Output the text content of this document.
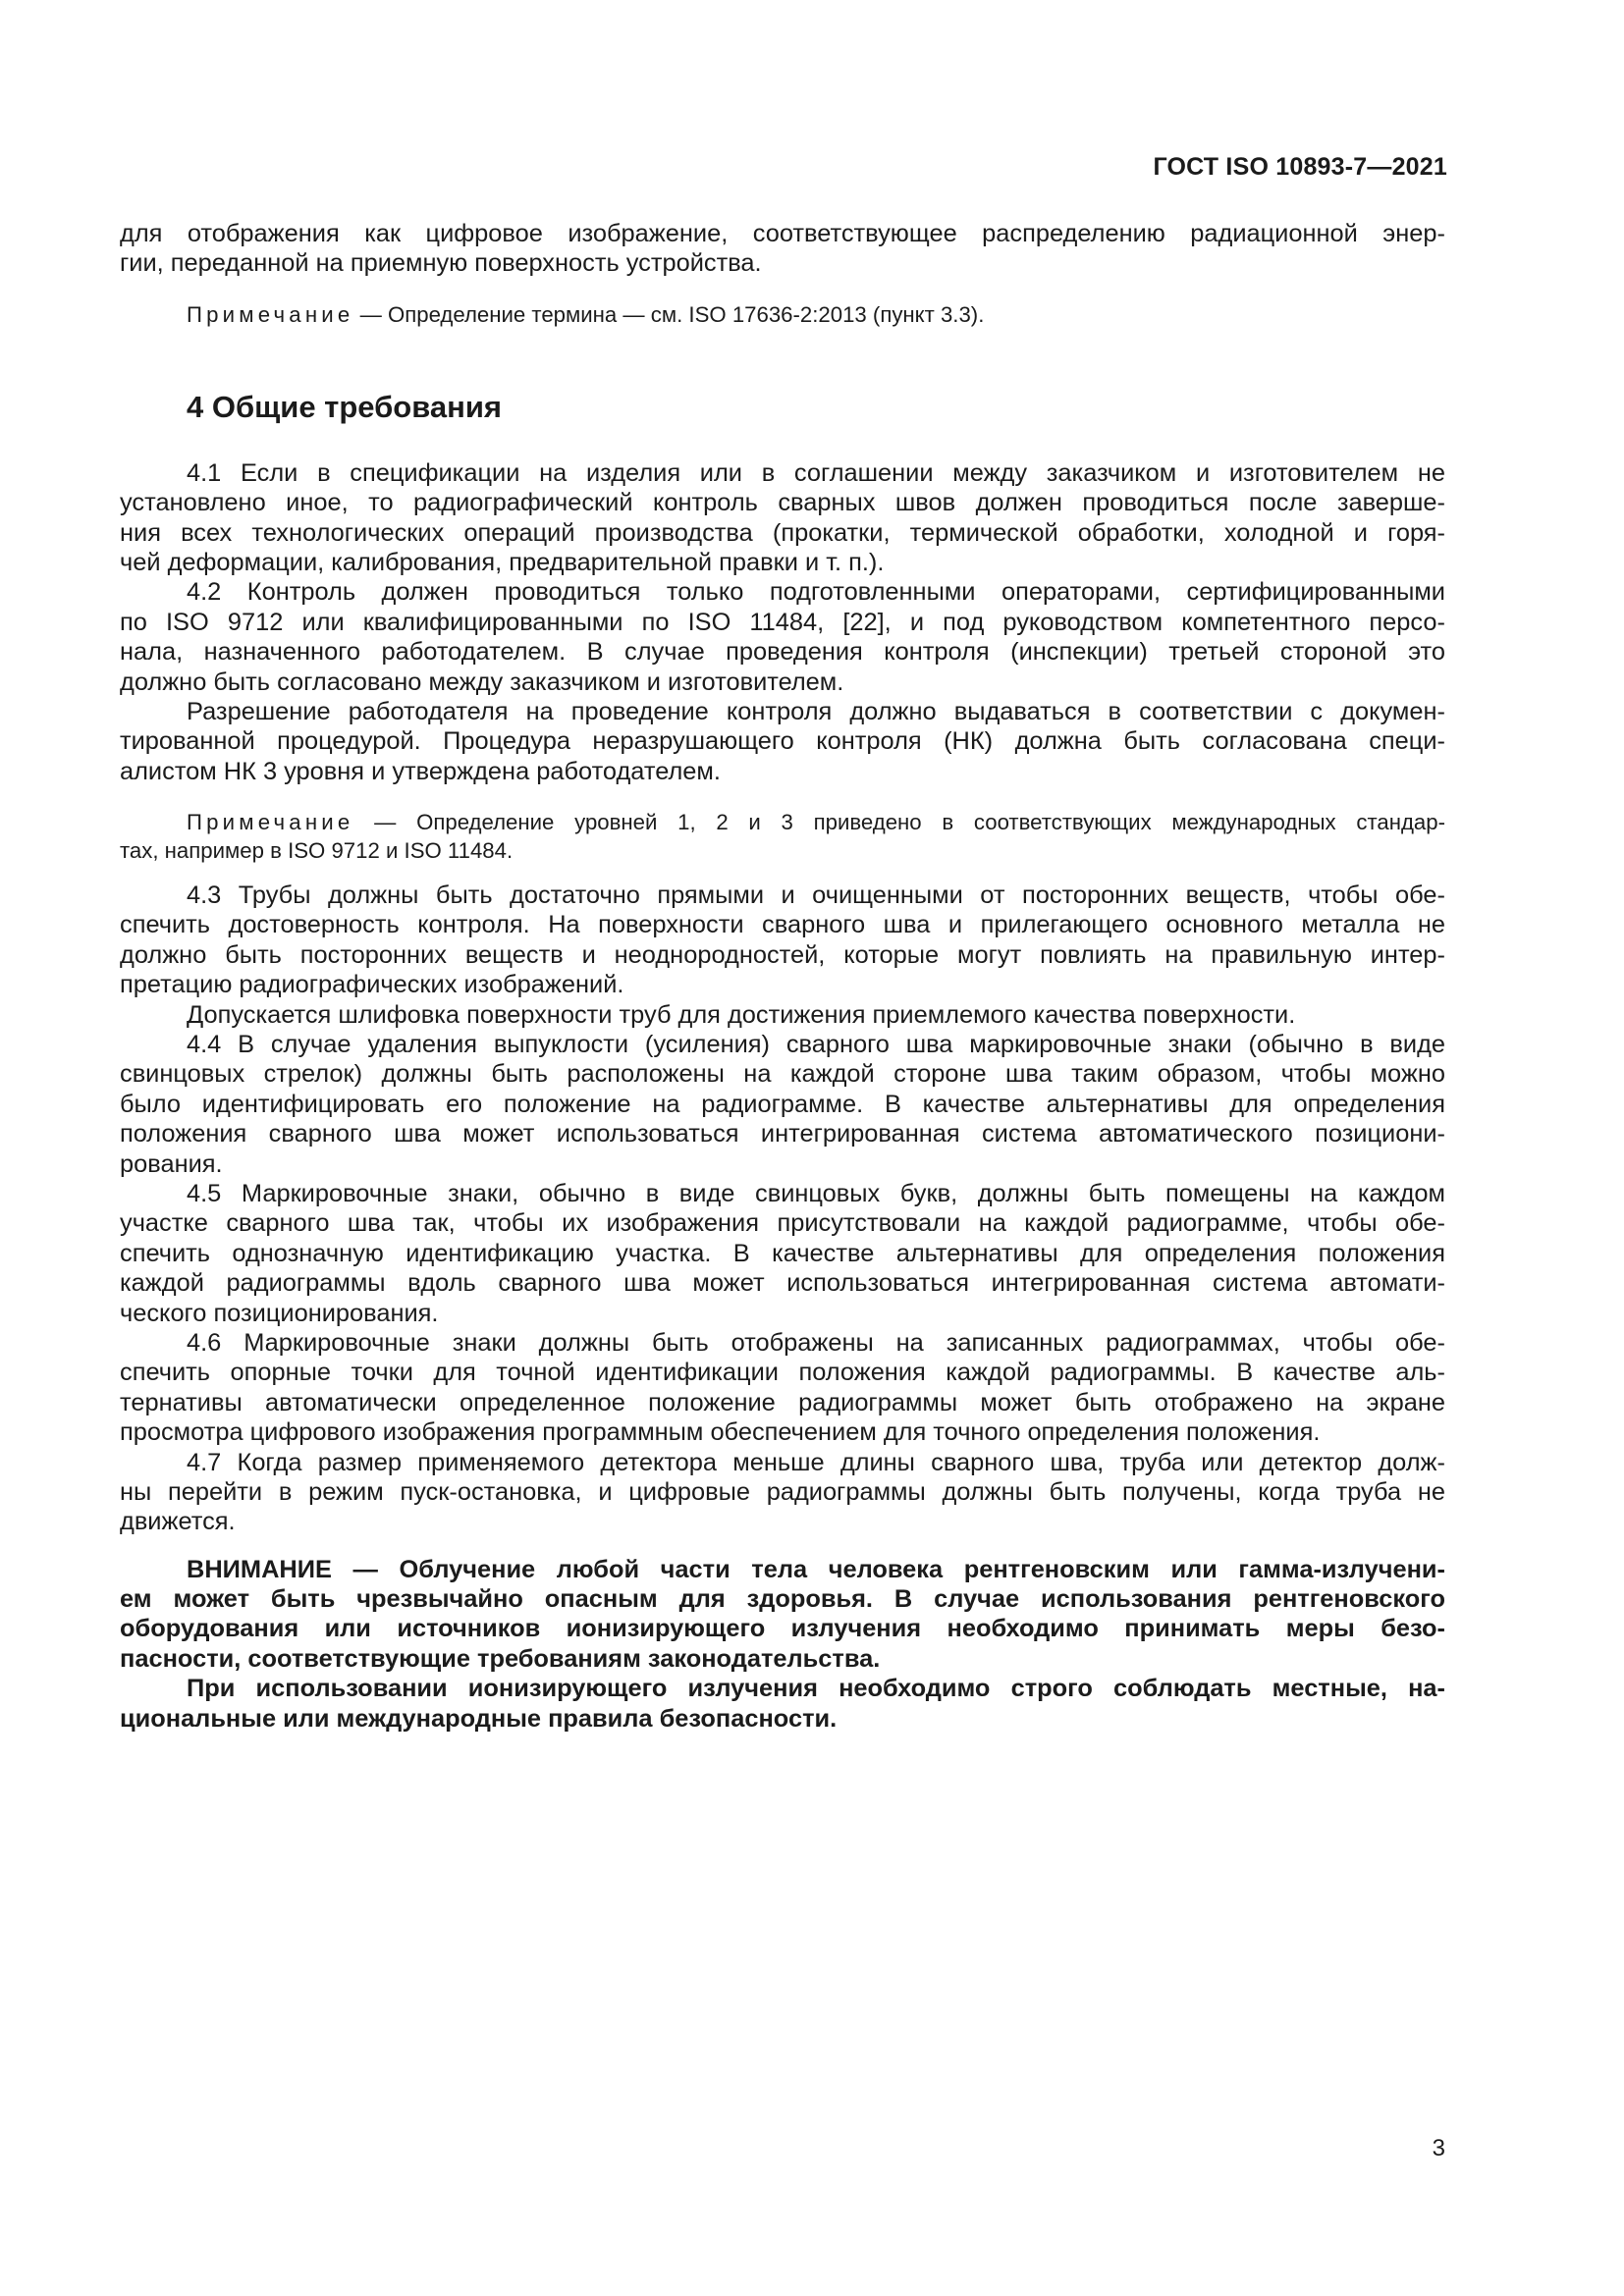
ГОСТ ISO 10893-7—2021
для отображения как цифровое изображение, соответствующее распределению радиационной энер-
гии, переданной на приемную поверхность устройства.
Примечание — Определение термина — см. ISO 17636-2:2013 (пункт 3.3).
4 Общие требования
4.1 Если в спецификации на изделия или в соглашении между заказчиком и изготовителем не
установлено иное, то радиографический контроль сварных швов должен проводиться после заверше-
ния всех технологических операций производства (прокатки, термической обработки, холодной и горя-
чей деформации, калибрования, предварительной правки и т. п.).
4.2 Контроль должен проводиться только подготовленными операторами, сертифицированными
по ISO 9712 или квалифицированными по ISO 11484, [22], и под руководством компетентного персо-
нала, назначенного работодателем. В случае проведения контроля (инспекции) третьей стороной это
должно быть согласовано между заказчиком и изготовителем.
Разрешение работодателя на проведение контроля должно выдаваться в соответствии с докумен-
тированной процедурой. Процедура неразрушающего контроля (НК) должна быть согласована специ-
алистом НК 3 уровня и утверждена работодателем.
Примечание — Определение уровней 1, 2 и 3 приведено в соответствующих международных стандар-
тах, например в ISO 9712 и ISO 11484.
4.3 Трубы должны быть достаточно прямыми и очищенными от посторонних веществ, чтобы обе-
спечить достоверность контроля. На поверхности сварного шва и прилегающего основного металла не
должно быть посторонних веществ и неоднородностей, которые могут повлиять на правильную интер-
претацию радиографических изображений.
Допускается шлифовка поверхности труб для достижения приемлемого качества поверхности.
4.4 В случае удаления выпуклости (усиления) сварного шва маркировочные знаки (обычно в виде
свинцовых стрелок) должны быть расположены на каждой стороне шва таким образом, чтобы можно
было идентифицировать его положение на радиограмме. В качестве альтернативы для определения
положения сварного шва может использоваться интегрированная система автоматического позициони-
рования.
4.5 Маркировочные знаки, обычно в виде свинцовых букв, должны быть помещены на каждом
участке сварного шва так, чтобы их изображения присутствовали на каждой радиограмме, чтобы обе-
спечить однозначную идентификацию участка. В качестве альтернативы для определения положения
каждой радиограммы вдоль сварного шва может использоваться интегрированная система автомати-
ческого позиционирования.
4.6 Маркировочные знаки должны быть отображены на записанных радиограммах, чтобы обе-
спечить опорные точки для точной идентификации положения каждой радиограммы. В качестве аль-
тернативы автоматически определенное положение радиограммы может быть отображено на экране
просмотра цифрового изображения программным обеспечением для точного определения положения.
4.7 Когда размер применяемого детектора меньше длины сварного шва, труба или детектор долж-
ны перейти в режим пуск-остановка, и цифровые радиограммы должны быть получены, когда труба не
движется.
ВНИМАНИЕ — Облучение любой части тела человека рентгеновским или гамма-излучени-
ем может быть чрезвычайно опасным для здоровья. В случае использования рентгеновского
оборудования или источников ионизирующего излучения необходимо принимать меры безо-
пасности, соответствующие требованиям законодательства.
При использовании ионизирующего излучения необходимо строго соблюдать местные, на-
циональные или международные правила безопасности.
3
